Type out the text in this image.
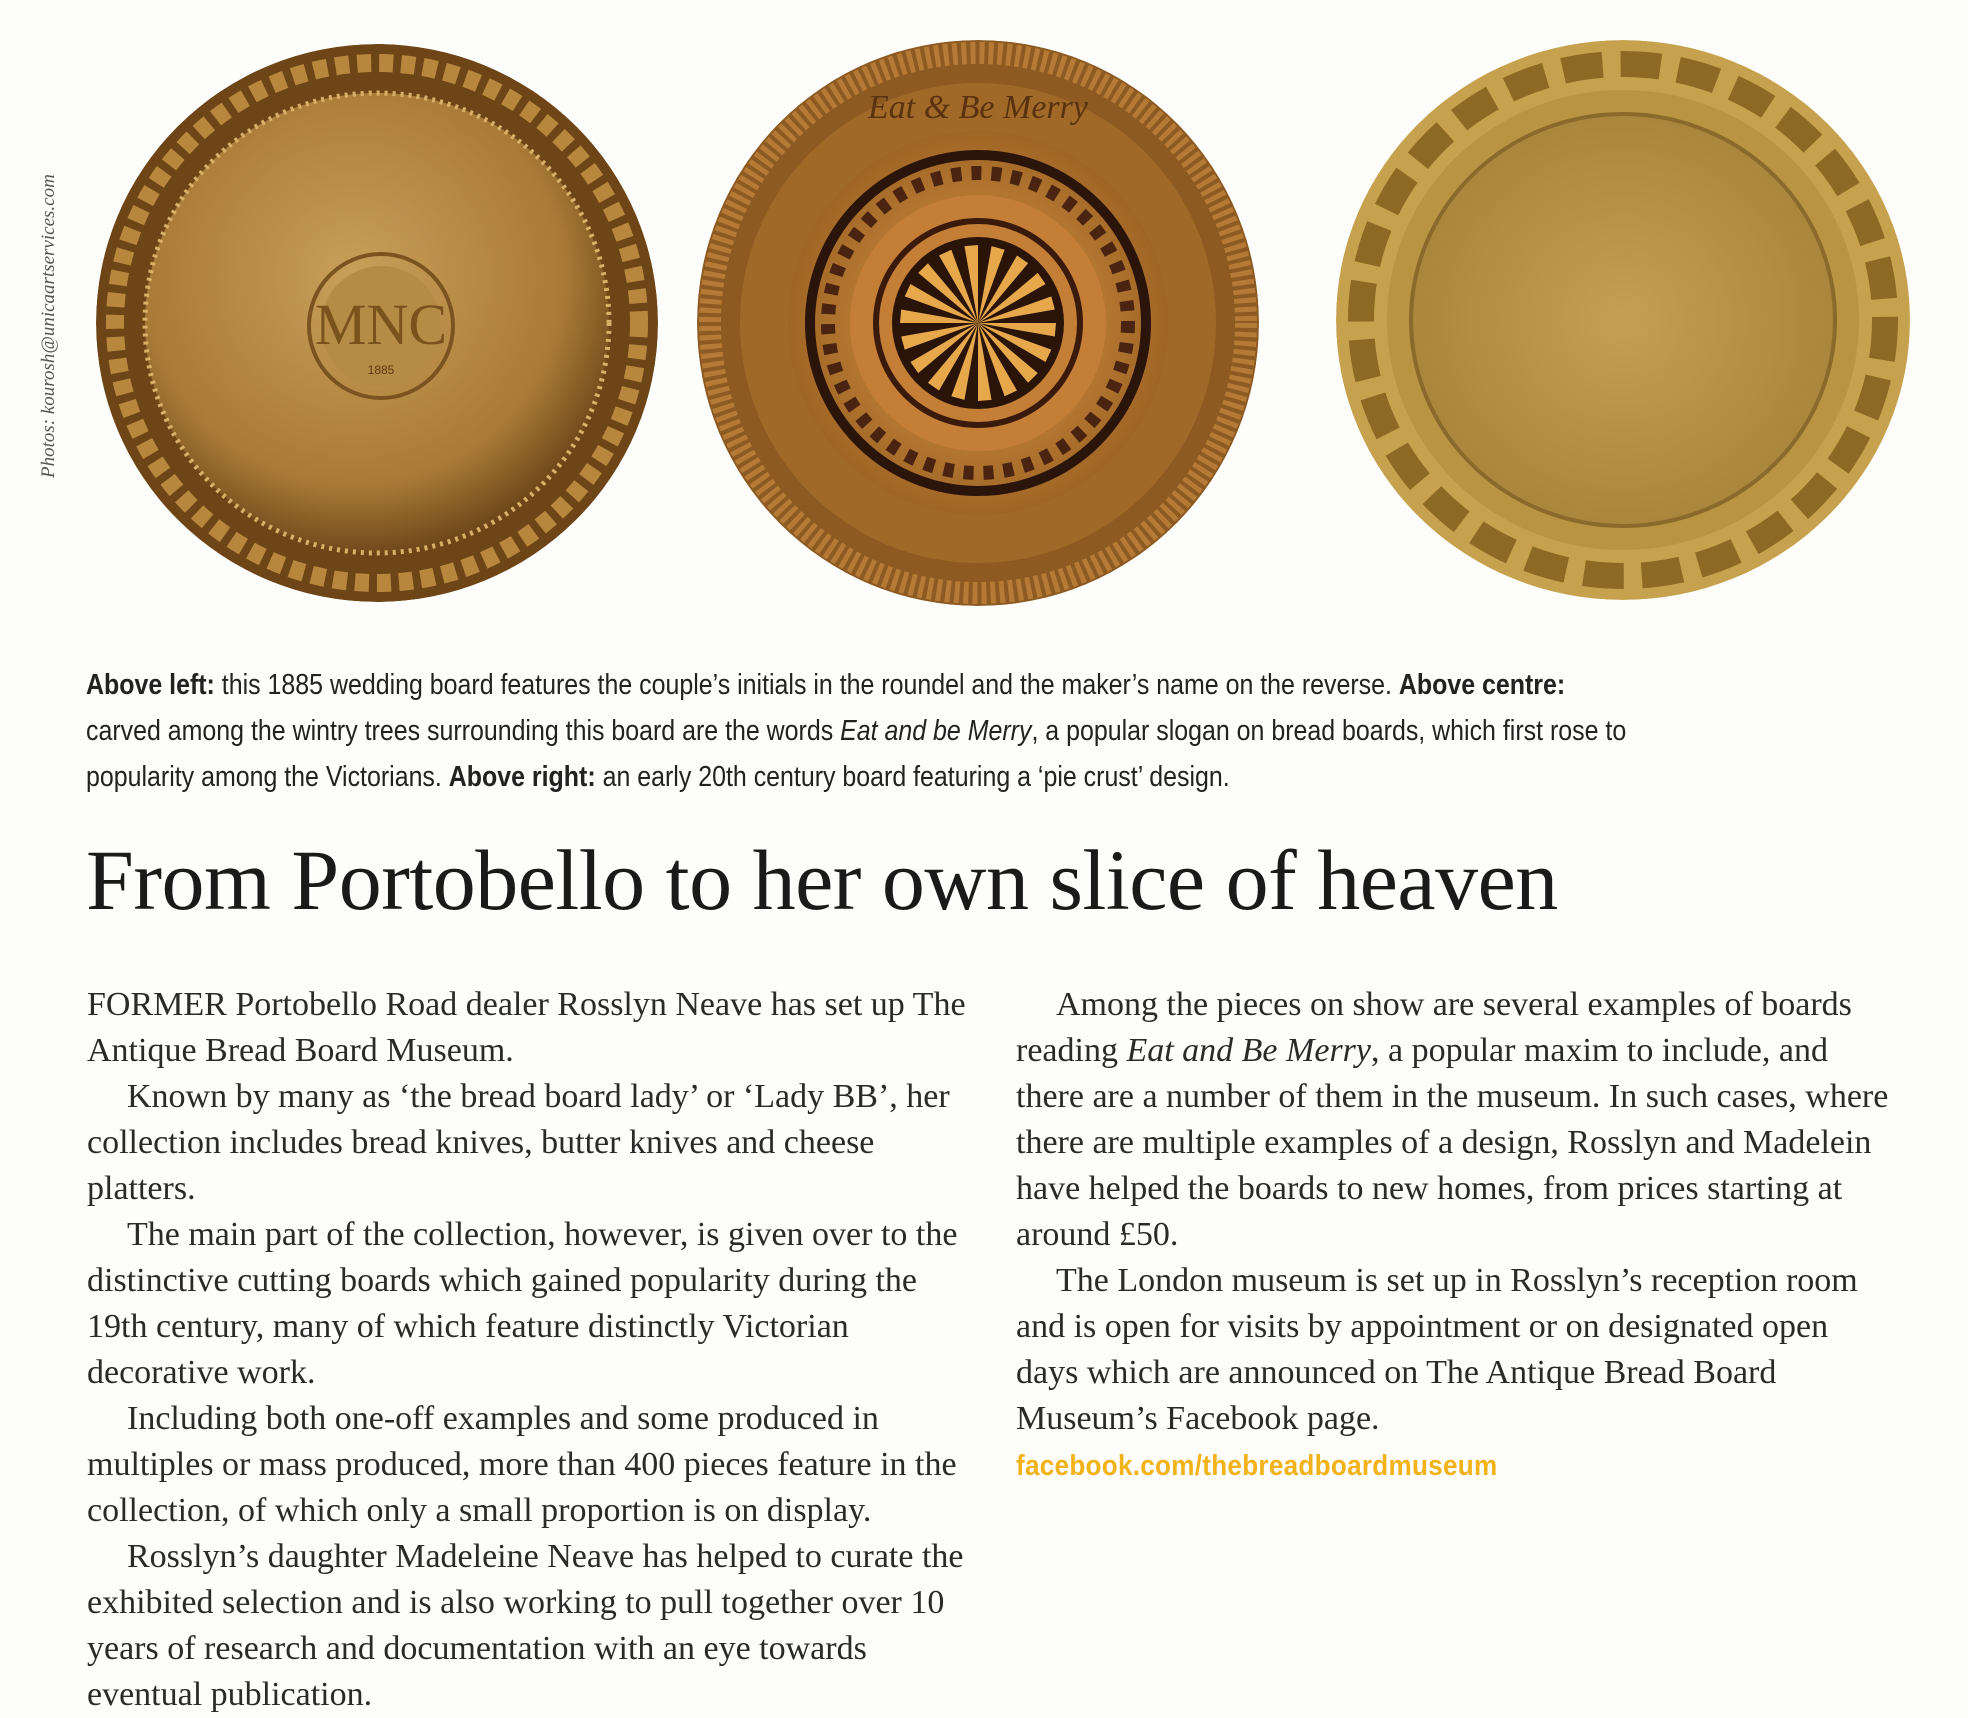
Photos: kourosh@unicaartservices.com	MNC
1885
Eat & Be Merry
Above left: this 1885 wedding board features the couple’s initials in the roundel and the maker’s name on the reverse. Above centre: carved among the wintry trees surrounding this board are the words Eat and be Merry, a popular slogan on bread boards, which first rose to popularity among the Victorians. Above right: an early 20th century board featuring a ‘pie crust’ design.
From Portobello to her own slice of heaven

FORMER Portobello Road dealer Rosslyn Neave has set up The Antique Bread Board Museum.

Known by many as ‘the bread board lady’ or ‘Lady BB’, her collection includes bread knives, butter knives and cheese platters.

The main part of the collection, however, is given over to the distinctive cutting boards which gained popularity during the 19th century, many of which feature distinctly Victorian decorative work.

Including both one-off examples and some produced in multiples or mass produced, more than 400 pieces feature in the collection, of which only a small proportion is on display.

Rosslyn’s daughter Madeleine Neave has helped to curate the exhibited selection and is also working to pull together over 10 years of research and documentation with an eye towards eventual publication.

Among the pieces on show are several examples of boards reading Eat and Be Merry, a popular maxim to include, and there are a number of them in the museum. In such cases, where there are multiple examples of a design, Rosslyn and Madelein have helped the boards to new homes, from prices starting at around £50.

The London museum is set up in Rosslyn’s reception room and is open for visits by appointment or on designated open days which are announced on The Antique Bread Board Museum’s Facebook page.

facebook.com/thebreadboardmuseum
